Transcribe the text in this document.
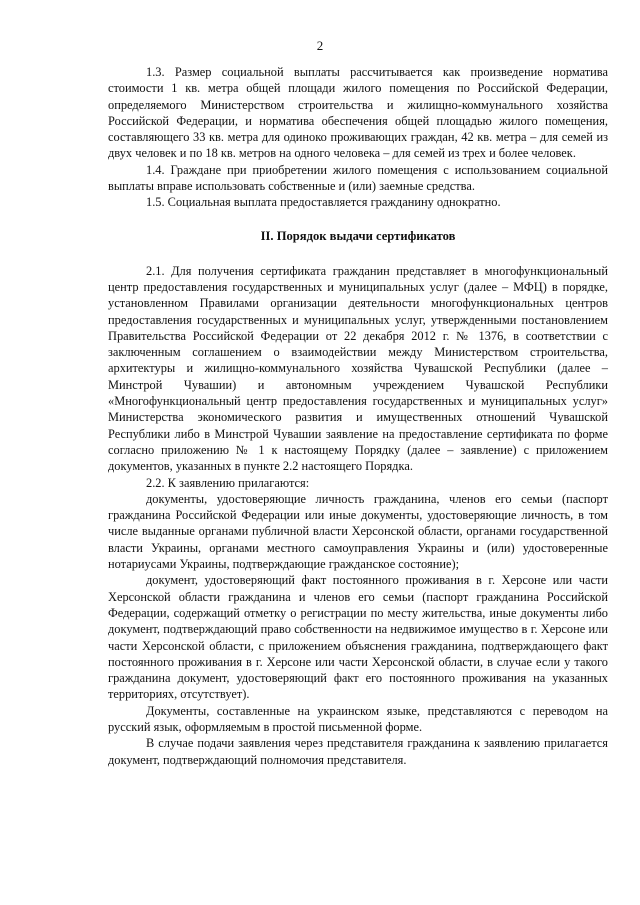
2

1.3. Размер социальной выплаты рассчитывается как произведение норматива стоимости 1 кв. метра общей площади жилого помещения по Российской Федерации, определяемого Министерством строительства и жилищно-коммунального хозяйства Российской Федерации, и норматива обеспечения общей площадью жилого помещения, составляющего 33 кв. метра для одиноко проживающих граждан, 42 кв. метра – для семей из двух человек и по 18 кв. метров на одного человека – для семей из трех и более человек.

1.4. Граждане при приобретении жилого помещения с использованием социальной выплаты вправе использовать собственные и (или) заемные средства.

1.5. Социальная выплата предоставляется гражданину однократно.

II. Порядок выдачи сертификатов

2.1. Для получения сертификата гражданин представляет в многофункциональный центр предоставления государственных и муниципальных услуг (далее – МФЦ) в порядке, установленном Правилами организации деятельности многофункциональных центров предоставления государственных и муниципальных услуг, утвержденными постановлением Правительства Российской Федерации от 22 декабря 2012 г. № 1376, в соответствии с заключенным соглашением о взаимодействии между Министерством строительства, архитектуры и жилищно-коммунального хозяйства Чувашской Республики (далее – Минстрой Чувашии) и автономным учреждением Чувашской Республики «Многофункциональный центр предоставления государственных и муниципальных услуг» Министерства экономического развития и имущественных отношений Чувашской Республики либо в Минстрой Чувашии заявление на предоставление сертификата по форме согласно приложению № 1 к настоящему Порядку (далее – заявление) с приложением документов, указанных в пункте 2.2 настоящего Порядка.

2.2. К заявлению прилагаются:

документы, удостоверяющие личность гражданина, членов его семьи (паспорт гражданина Российской Федерации или иные документы, удостоверяющие личность, в том числе выданные органами публичной власти Херсонской области, органами государственной власти Украины, органами местного самоуправления Украины и (или) удостоверенные нотариусами Украины, подтверждающие гражданское состояние);

документ, удостоверяющий факт постоянного проживания в г. Херсоне или части Херсонской области гражданина и членов его семьи (паспорт гражданина Российской Федерации, содержащий отметку о регистрации по месту жительства, иные документы либо документ, подтверждающий право собственности на недвижимое имущество в г. Херсоне или части Херсонской области, с приложением объяснения гражданина, подтверждающего факт постоянного проживания в г. Херсоне или части Херсонской области, в случае если у такого гражданина документ, удостоверяющий факт его постоянного проживания на указанных территориях, отсутствует).

Документы, составленные на украинском языке, представляются с переводом на русский язык, оформляемым в простой письменной форме.

В случае подачи заявления через представителя гражданина к заявлению прилагается документ, подтверждающий полномочия представителя.
